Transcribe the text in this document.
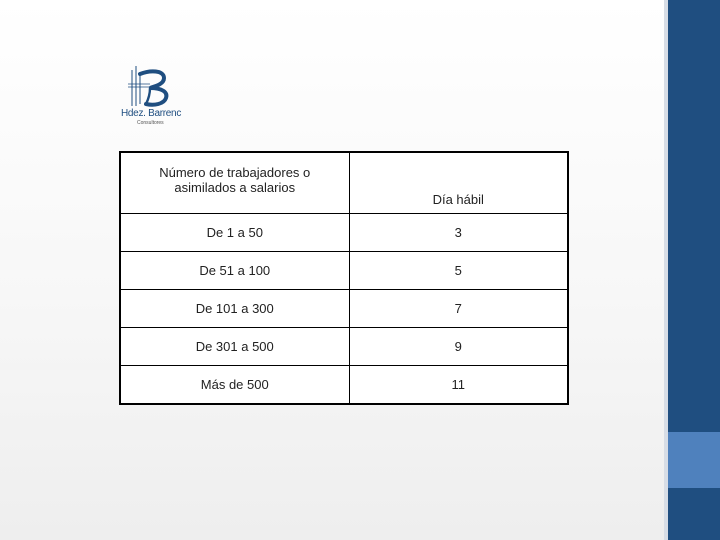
Hdez. Barrenc
Consultores
Número de trabajadores o asimilados a salarios	Día hábil
De 1 a 50	3
De 51 a 100	5
De 101 a 300	7
De 301 a 500	9
Más de 500	11
